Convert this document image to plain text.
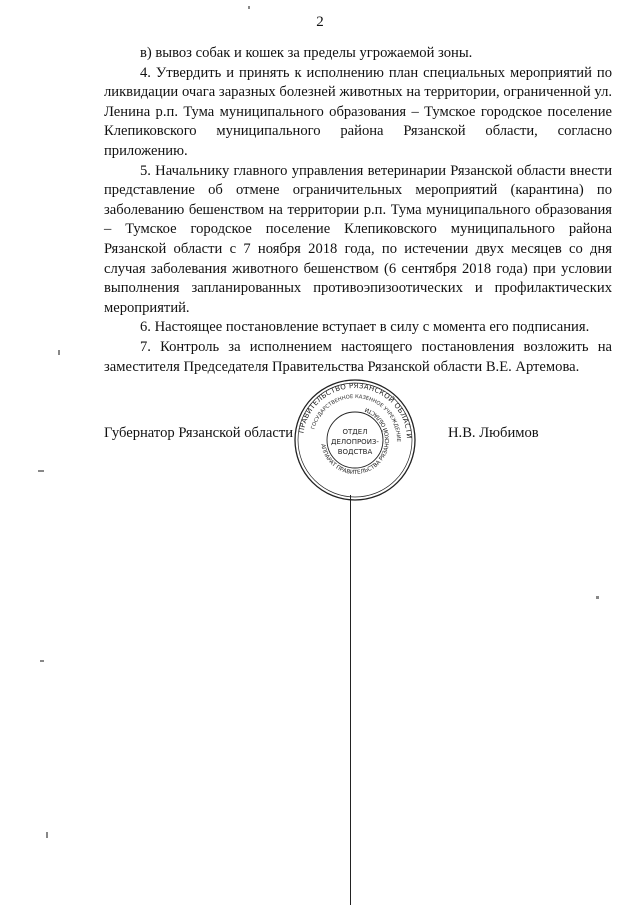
2

в) вывоз собак и кошек за пределы угрожаемой зоны.

4. Утвердить и принять к исполнению план специальных мероприятий по ликвидации очага заразных болезней животных на территории, ограниченной ул. Ленина р.п. Тума муниципального образования – Тумское городское поселение Клепиковского муниципального района Рязанской области, согласно приложению.

5. Начальнику главного управления ветеринарии Рязанской области внести представление об отмене ограничительных мероприятий (карантина) по заболеванию бешенством на территории р.п. Тума муниципального образования – Тумское городское поселение Клепиковского муниципального района Рязанской области с 7 ноября 2018 года, по истечении двух месяцев со дня случая заболевания животного бешенством (6 сентября 2018 года) при условии выполнения запланированных противоэпизоотических и профилактических мероприятий.

6. Настоящее постановление вступает в силу с момента его подписания.

7. Контроль за исполнением настоящего постановления возложить на заместителя Председателя Правительства Рязанской области В.Е. Артемова.

Губернатор Рязанской области	Н.В. Любимов
ПРАВИТЕЛЬСТВО РЯЗАНСКОЙ ОБЛАСТИ
ГОСУДАРСТВЕННОЕ КАЗЕННОЕ УЧРЕЖДЕНИЕ
АППАРАТ ПРАВИТЕЛЬСТВА РЯЗАНСКОЙ ОБЛАСТИ
ОТДЕЛ
ДЕЛОПРОИЗ-
ВОДСТВА
